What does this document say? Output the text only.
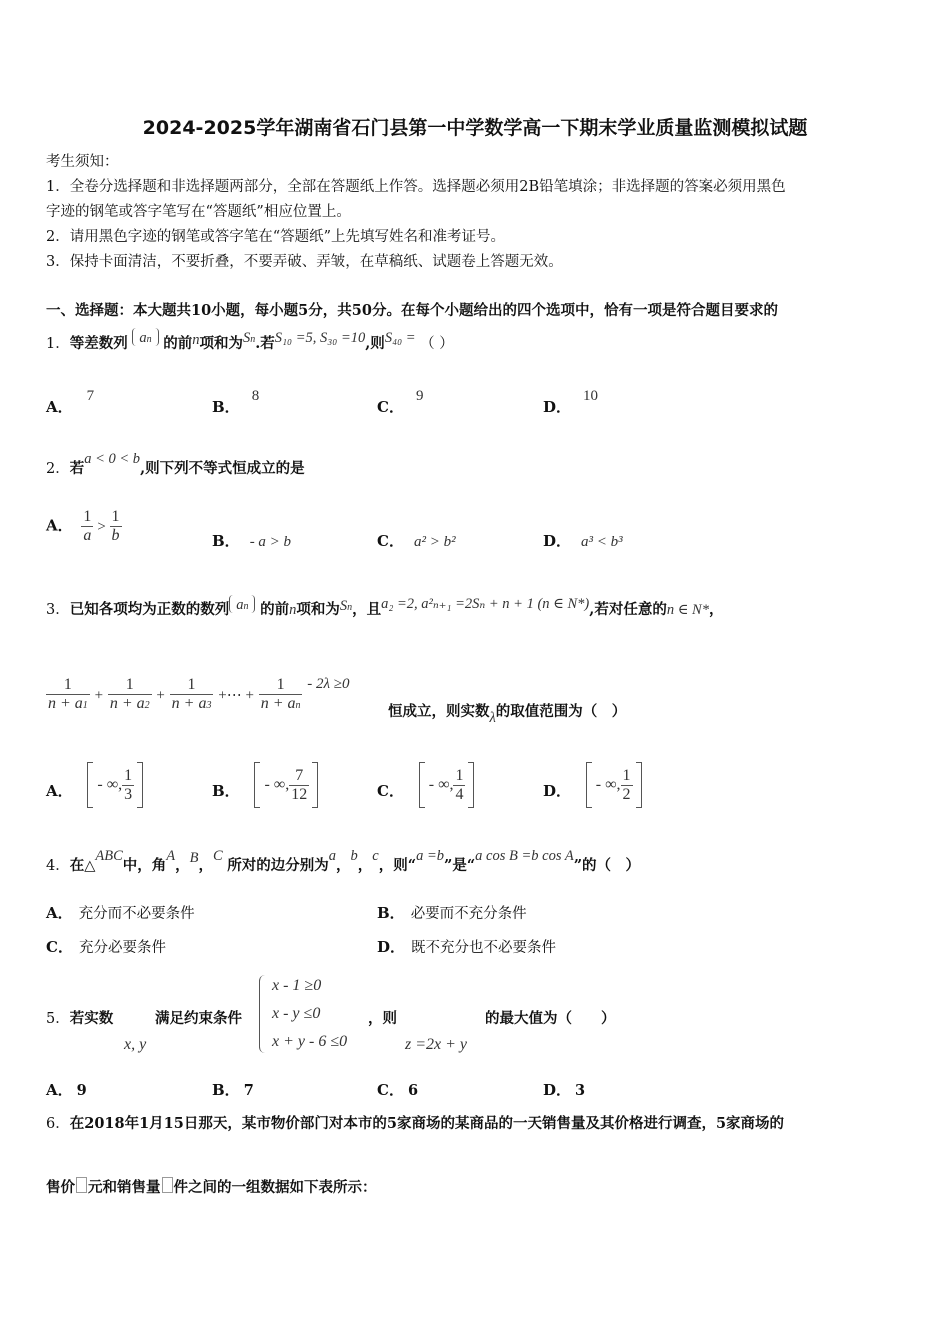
2024-2025学年湖南省石门县第一中学数学高一下期末学业质量监测模拟试题
考生须知：
1．全卷分选择题和非选择题两部分，全部在答题纸上作答。选择题必须用2B铅笔填涂；非选择题的答案必须用黑色
字迹的钢笔或答字笔写在“答题纸”相应位置上。
2．请用黑色字迹的钢笔或答字笔在“答题纸”上先填写姓名和准考证号。
3．保持卡面清洁，不要折叠，不要弄破、弄皱，在草稿纸、试题卷上答题无效。
一、选择题：本大题共10小题，每小题5分，共50分。在每个小题给出的四个选项中，恰有一项是符合题目要求的
1．等差数列 an 的前n项和为Sn.若S₁₀ =5, S₃₀ =10,则S₄₀ = （ ）
A．7
B．8
C．9
D．10
2．若a < 0 < b,则下列不等式恒成立的是
A． $\frac{1}{a} > \frac{1}{b}$	B． - a > b	C． a² > b²	D． a³ < b³
3．已知各项均为正数的数列 an 的前n项和为Sn，且a₂ =2, a²ₙ₊₁ =2Sₙ + n + 1 (n ∈ N*),若对任意的n ∈ N*，
$\frac{1}{n + a1} + \frac{1}{n + a2} + \frac{1}{n + a3}$ +⋯ + $\frac{1}{n + an} - 2\lambda \ge 0$
恒成立，则实数λ的取值范围为（　）
A． - ∞, $\frac{1}{3}$	B． - ∞, $\frac{7}{12}$	C． - ∞, $\frac{1}{4}$	D． - ∞, $\frac{1}{2}$
4．在△ABC中，角A，B，C 所对的边分别为a，b，c，则“a =b”是“a cos B =b cos A”的（　）
A． 充分而不必要条件	B． 必要而不充分条件
C． 充分必要条件	D． 既不充分也不必要条件
5．若实数
x, y
满足约束条件
x - 1 ≥0
x - y ≤0
x + y - 6 ≤0
，则
z =2x + y
的最大值为（　　）
A． 9	B． 7	C． 6	D． 3
6．在2018年1月15日那天，某市物价部门对本市的5家商场的某商品的一天销售量及其价格进行调查，5家商场的
售价 元和销售量 件之间的一组数据如下表所示：
